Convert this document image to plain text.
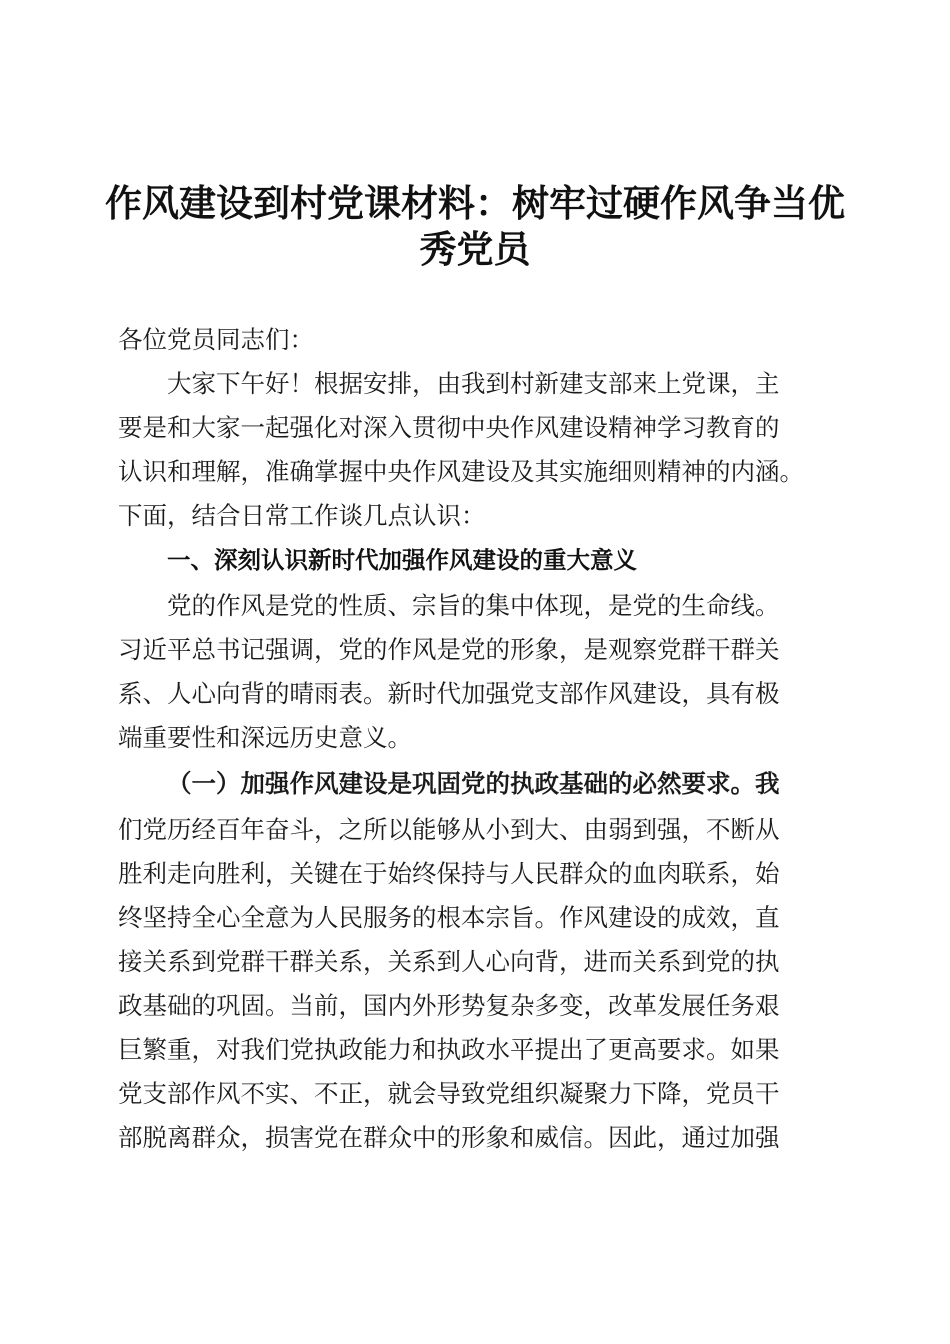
作风建设到村党课材料：树牢过硬作风争当优
秀党员
各位党员同志们：
大家下午好！根据安排，由我到村新建支部来上党课，主
要是和大家一起强化对深入贯彻中央作风建设精神学习教育的
认识和理解，准确掌握中央作风建设及其实施细则精神的内涵。
下面，结合日常工作谈几点认识：
一、深刻认识新时代加强作风建设的重大意义
党的作风是党的性质、宗旨的集中体现，是党的生命线。
习近平总书记强调，党的作风是党的形象，是观察党群干群关
系、人心向背的晴雨表。新时代加强党支部作风建设，具有极
端重要性和深远历史意义。
（一）加强作风建设是巩固党的执政基础的必然要求。我
们党历经百年奋斗，之所以能够从小到大、由弱到强，不断从
胜利走向胜利，关键在于始终保持与人民群众的血肉联系，始
终坚持全心全意为人民服务的根本宗旨。作风建设的成效，直
接关系到党群干群关系，关系到人心向背，进而关系到党的执
政基础的巩固。当前，国内外形势复杂多变，改革发展任务艰
巨繁重，对我们党执政能力和执政水平提出了更高要求。如果
党支部作风不实、不正，就会导致党组织凝聚力下降，党员干
部脱离群众，损害党在群众中的形象和威信。因此，通过加强
